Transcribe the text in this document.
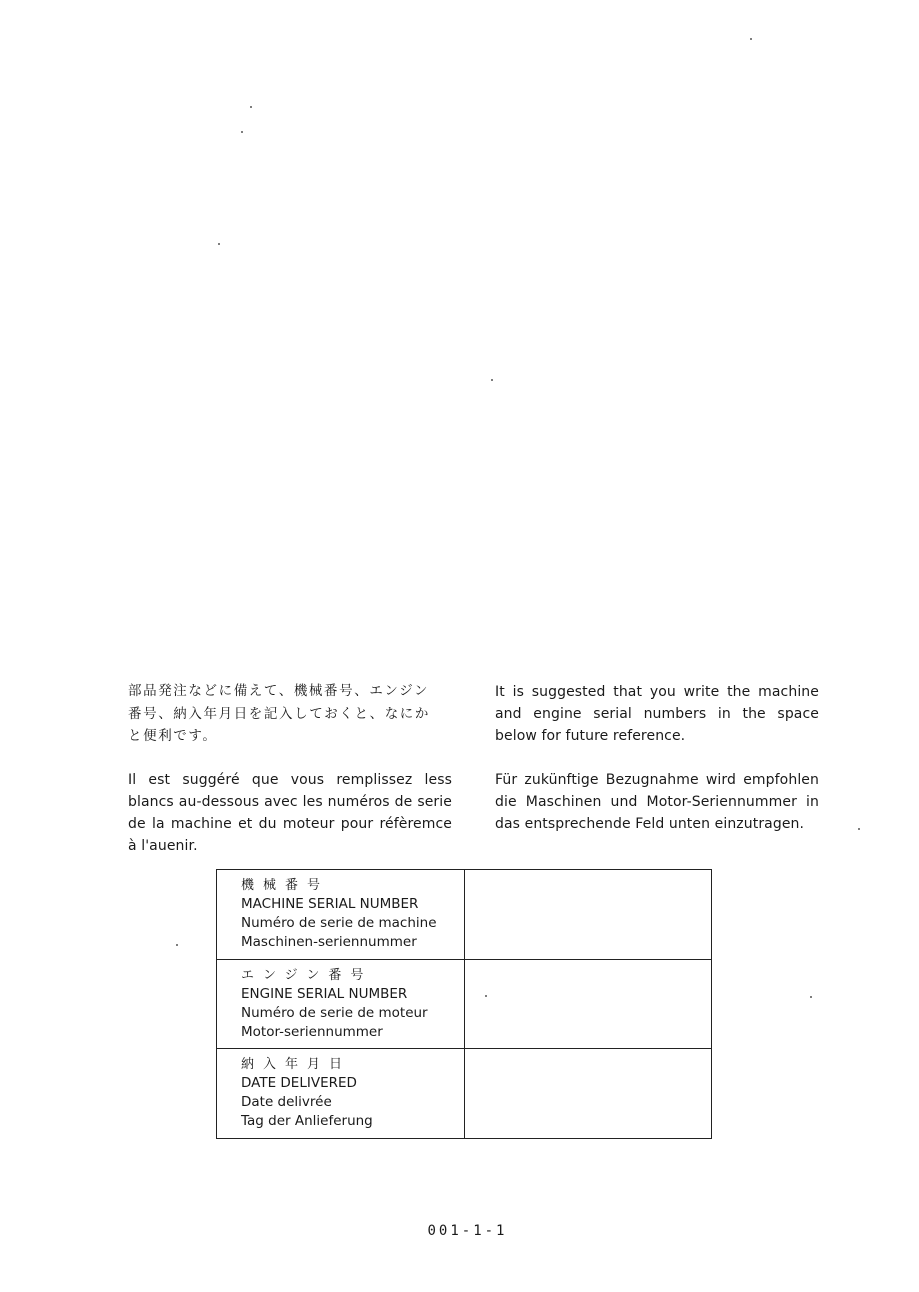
部品発注などに備えて、機械番号、エンジン
番号、納入年月日を記入しておくと、なにか
と便利です。
It is suggested that you write the machine and engine serial numbers in the space below for future reference.
Il est suggéré que vous remplissez less blancs au-dessous avec les numéros de serie de la machine et du moteur pour réfèremce à l'auenir.
Für zukünftige Bezugnahme wird empfohlen die Maschinen und Motor-Seriennummer in das entsprechende Feld unten einzutragen.
機械番号
MACHINE SERIAL NUMBER
Numéro de serie de machine
Maschinen-seriennummer
エンジン番号
ENGINE SERIAL NUMBER
Numéro de serie de moteur
Motor-seriennummer
納入年月日
DATE DELIVERED
Date delivrée
Tag der Anlieferung
001-1-1
